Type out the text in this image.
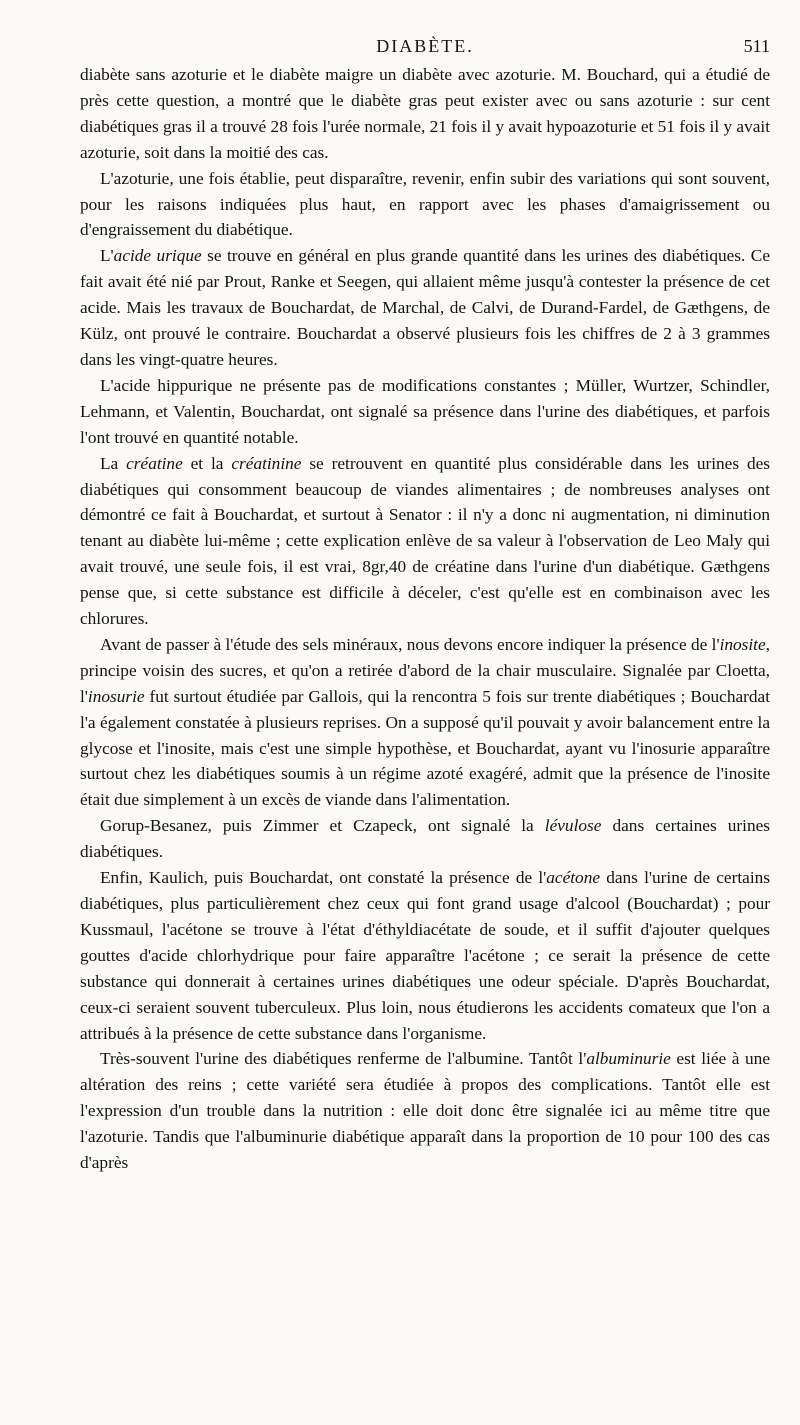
DIABÈTE.	511

diabète sans azoturie et le diabète maigre un diabète avec azoturie. M. Bouchard, qui a étudié de près cette question, a montré que le diabète gras peut exister avec ou sans azoturie : sur cent diabétiques gras il a trouvé 28 fois l'urée normale, 21 fois il y avait hypoazoturie et 51 fois il y avait azoturie, soit dans la moitié des cas.

L'azoturie, une fois établie, peut disparaître, revenir, enfin subir des variations qui sont souvent, pour les raisons indiquées plus haut, en rapport avec les phases d'amaigrissement ou d'engraissement du diabétique.

L'acide urique se trouve en général en plus grande quantité dans les urines des diabétiques. Ce fait avait été nié par Prout, Ranke et Seegen, qui allaient même jusqu'à contester la présence de cet acide. Mais les travaux de Bouchardat, de Marchal, de Calvi, de Durand-Fardel, de Gæthgens, de Külz, ont prouvé le contraire. Bouchardat a observé plusieurs fois les chiffres de 2 à 3 grammes dans les vingt-quatre heures.

L'acide hippurique ne présente pas de modifications constantes ; Müller, Wurtzer, Schindler, Lehmann, et Valentin, Bouchardat, ont signalé sa présence dans l'urine des diabétiques, et parfois l'ont trouvé en quantité notable.

La créatine et la créatinine se retrouvent en quantité plus considérable dans les urines des diabétiques qui consomment beaucoup de viandes alimentaires ; de nombreuses analyses ont démontré ce fait à Bouchardat, et surtout à Senator : il n'y a donc ni augmentation, ni diminution tenant au diabète lui-même ; cette explication enlève de sa valeur à l'observation de Leo Maly qui avait trouvé, une seule fois, il est vrai, 8gr,40 de créatine dans l'urine d'un diabétique. Gæthgens pense que, si cette substance est difficile à déceler, c'est qu'elle est en combinaison avec les chlorures.

Avant de passer à l'étude des sels minéraux, nous devons encore indiquer la présence de l'inosite, principe voisin des sucres, et qu'on a retirée d'abord de la chair musculaire. Signalée par Cloetta, l'inosurie fut surtout étudiée par Gallois, qui la rencontra 5 fois sur trente diabétiques ; Bouchardat l'a également constatée à plusieurs reprises. On a supposé qu'il pouvait y avoir balancement entre la glycose et l'inosite, mais c'est une simple hypothèse, et Bouchardat, ayant vu l'inosurie apparaître surtout chez les diabétiques soumis à un régime azoté exagéré, admit que la présence de l'inosite était due simplement à un excès de viande dans l'alimentation.

Gorup-Besanez, puis Zimmer et Czapeck, ont signalé la lévulose dans certaines urines diabétiques.

Enfin, Kaulich, puis Bouchardat, ont constaté la présence de l'acétone dans l'urine de certains diabétiques, plus particulièrement chez ceux qui font grand usage d'alcool (Bouchardat) ; pour Kussmaul, l'acétone se trouve à l'état d'éthyldiacétate de soude, et il suffit d'ajouter quelques gouttes d'acide chlorhydrique pour faire apparaître l'acétone ; ce serait la présence de cette substance qui donnerait à certaines urines diabétiques une odeur spéciale. D'après Bouchardat, ceux-ci seraient souvent tuberculeux. Plus loin, nous étudierons les accidents comateux que l'on a attribués à la présence de cette substance dans l'organisme.

Très-souvent l'urine des diabétiques renferme de l'albumine. Tantôt l'albuminurie est liée à une altération des reins ; cette variété sera étudiée à propos des complications. Tantôt elle est l'expression d'un trouble dans la nutrition : elle doit donc être signalée ici au même titre que l'azoturie. Tandis que l'albuminurie diabétique apparaît dans la proportion de 10 pour 100 des cas d'après
